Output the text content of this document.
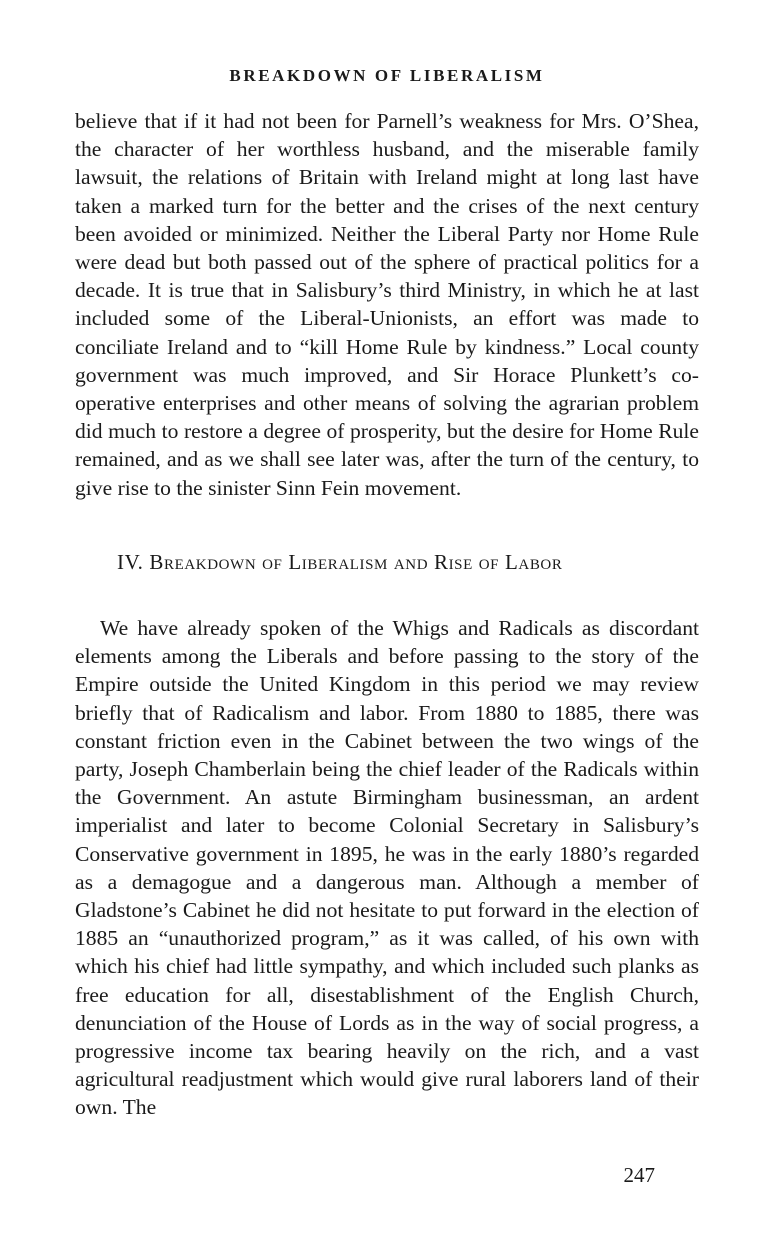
BREAKDOWN OF LIBERALISM

believe that if it had not been for Parnell’s weakness for Mrs. O’Shea, the character of her worthless husband, and the miserable family lawsuit, the relations of Britain with Ireland might at long last have taken a marked turn for the better and the crises of the next century been avoided or minimized. Neither the Liberal Party nor Home Rule were dead but both passed out of the sphere of practical politics for a decade. It is true that in Salisbury’s third Ministry, in which he at last included some of the Liberal-Unionists, an effort was made to conciliate Ireland and to “kill Home Rule by kindness.” Local county government was much improved, and Sir Horace Plunkett’s co-operative enterprises and other means of solving the agrarian problem did much to restore a degree of prosperity, but the desire for Home Rule remained, and as we shall see later was, after the turn of the century, to give rise to the sinister Sinn Fein movement.

IV. Breakdown of Liberalism and Rise of Labor

We have already spoken of the Whigs and Radicals as discordant elements among the Liberals and before passing to the story of the Empire outside the United Kingdom in this period we may review briefly that of Radicalism and labor. From 1880 to 1885, there was constant friction even in the Cabinet between the two wings of the party, Joseph Chamberlain being the chief leader of the Radicals within the Government. An astute Birmingham businessman, an ardent imperialist and later to become Colonial Secretary in Salisbury’s Conservative government in 1895, he was in the early 1880’s regarded as a demagogue and a dangerous man. Although a member of Gladstone’s Cabinet he did not hesitate to put forward in the election of 1885 an “unauthorized program,” as it was called, of his own with which his chief had little sympathy, and which included such planks as free education for all, disestablishment of the English Church, denunciation of the House of Lords as in the way of social progress, a progressive income tax bearing heavily on the rich, and a vast agricultural readjustment which would give rural laborers land of their own. The

247
